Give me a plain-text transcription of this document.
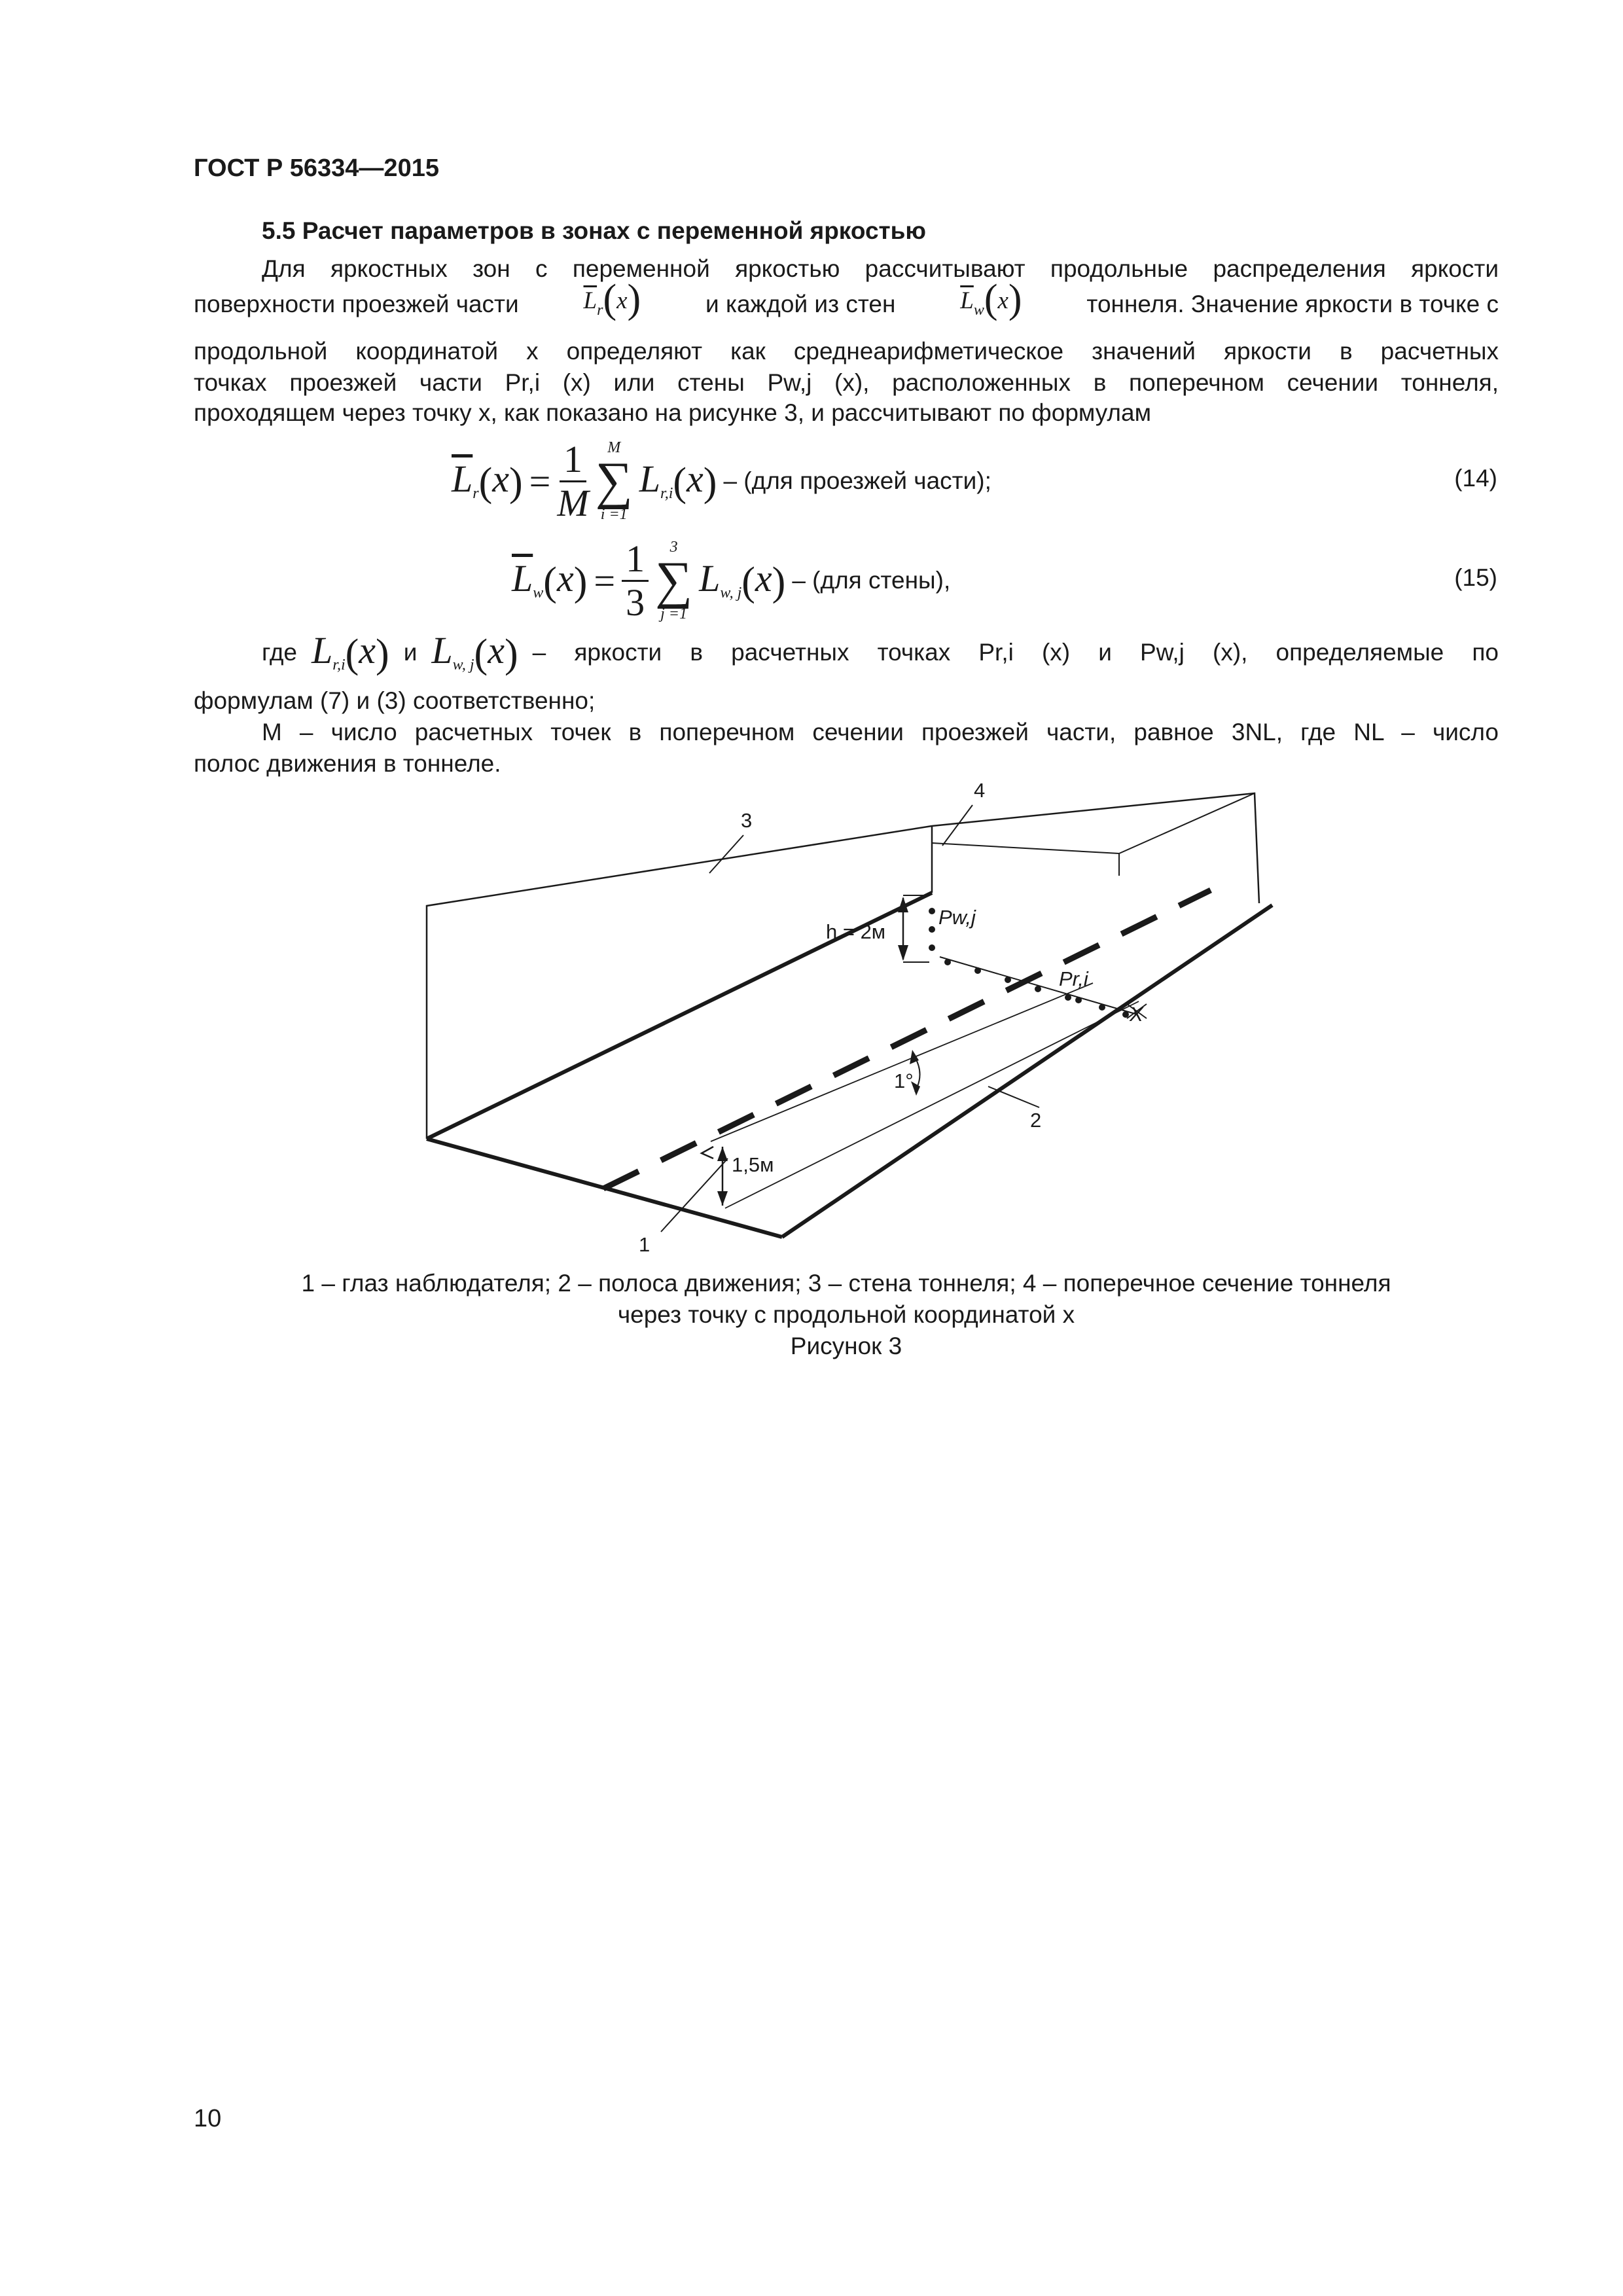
ГОСТ Р 56334—2015
5.5 Расчет параметров в зонах с переменной яркостью
Для яркостных зон с переменной яркостью рассчитывают продольные распределения яркости
поверхности проезжей части	$\overline{L}_r(x)$	и каждой из стен	$\overline{L}_w(x)$	тоннеля. Значение яркости в точке с
продольной координатой x определяют как среднеарифметическое значений яркости в расчетных
точках проезжей части Pr,i (x) или стены Pw,j (x), расположенных в поперечном сечении тоннеля,
проходящем через точку x, как показано на рисунке 3, и рассчитывают по формулам
$\overline{L}_r(x) = \frac{1}{M}$ M
∑
i =1
$L_{r,i}(x) - (для$ проезжей части);	(14)
$\overline{L}_w(x) = \frac{1}{3} 3$
∑
j =1
$L_{w, j}(x) - (для$ стены),	(15)
где $L_{r,i}(x)$ и $L_{w, j}(x)$ – яркости в расчетных точках Pr,i (x) и Pw,j (x), определяемые по
формулам (7) и (3) соответственно;
M – число расчетных точек в поперечном сечении проезжей части, равное 3NL, где NL – число
полос движения в тоннеле.
3
4
2
1
h = 2м
Pw,j
Pr,i
X
1°
1,5м
1 – глаз наблюдателя; 2 – полоса движения; 3 – стена тоннеля; 4 – поперечное сечение тоннеля
через точку с продольной координатой x
Рисунок 3
10
